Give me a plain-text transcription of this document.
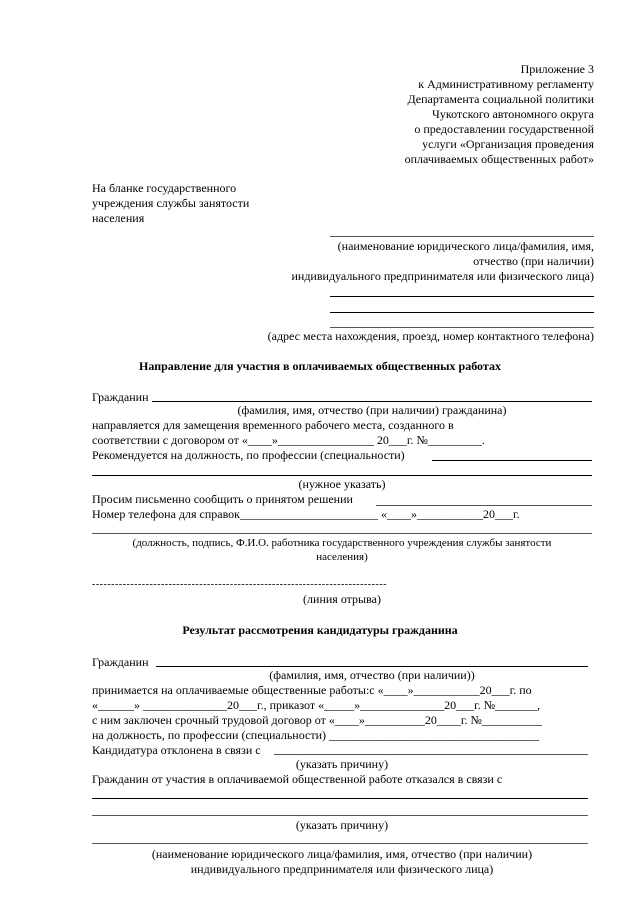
Приложение 3
к Административному регламенту
Департамента социальной политики
Чукотского автономного округа
о предоставлении государственной
услуги «Организация проведения
оплачиваемых общественных работ»
На бланке государственного
учреждения службы занятости
населения
(наименование юридического лица/фамилия, имя,
отчество (при наличии)
индивидуального предпринимателя или физического лица)
(адрес места нахождения, проезд, номер контактного телефона)
Направление для участия в оплачиваемых общественных работах
Гражданин
(фамилия, имя, отчество (при наличии) гражданина)
направляется для замещения временного рабочего места, созданного в
соответствии с договором от «____»________________ 20___г. №_________.
Рекомендуется на должность, по профессии (специальности)
(нужное указать)
Просим письменно сообщить о принятом решении
Номер телефона для справок_______________________ «____»___________20___г.
(должность, подпись, Ф.И.О. работника государственного учреждения службы занятости
населения)
-----------------------------------------------------------------------------
(линия отрыва)
Результат рассмотрения кандидатуры гражданина
Гражданин
(фамилия, имя, отчество (при наличии))
принимается на оплачиваемые общественные работы:с «____»___________20___г. по
«______» ______________20___г., приказот «_____»______________20___г. №_______,
с ним заключен срочный трудовой договор от «____»__________20____г. №__________
на должность, по профессии (специальности) ___________________________________
Кандидатура отклонена в связи с
(указать причину)
Гражданин от участия в оплачиваемой общественной работе отказался в связи с
(указать причину)
(наименование юридического лица/фамилия, имя, отчество (при наличии)
индивидуального предпринимателя или физического лица)
